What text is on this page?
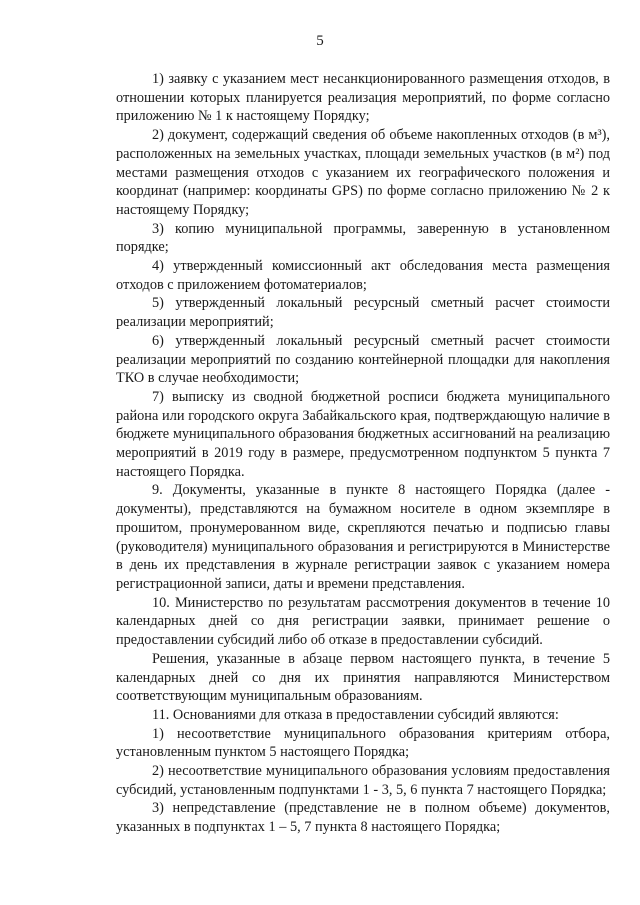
5

1) заявку с указанием мест несанкционированного размещения отходов, в отношении которых планируется реализация мероприятий, по форме согласно приложению № 1 к настоящему Порядку;

2) документ, содержащий сведения об объеме накопленных отходов (в м³), расположенных на земельных участках, площади земельных участков (в м²) под местами размещения отходов с указанием их географического положения и координат (например: координаты GPS) по форме согласно приложению № 2 к настоящему Порядку;

3) копию муниципальной программы, заверенную в установленном порядке;

4) утвержденный комиссионный акт обследования места размещения отходов с приложением фотоматериалов;

5) утвержденный локальный ресурсный сметный расчет стоимости реализации мероприятий;

6) утвержденный локальный ресурсный сметный расчет стоимости реализации мероприятий по созданию контейнерной площадки для накопления ТКО в случае необходимости;

7) выписку из сводной бюджетной росписи бюджета муниципального района или городского округа Забайкальского края, подтверждающую наличие в бюджете муниципального образования бюджетных ассигнований на реализацию мероприятий в 2019 году в размере, предусмотренном подпунктом 5 пункта 7 настоящего Порядка.

9. Документы, указанные в пункте 8 настоящего Порядка (далее - документы), представляются на бумажном носителе в одном экземпляре в прошитом, пронумерованном виде, скрепляются печатью и подписью главы (руководителя) муниципального образования и регистрируются в Министерстве в день их представления в журнале регистрации заявок с указанием номера регистрационной записи, даты и времени представления.

10. Министерство по результатам рассмотрения документов в течение 10 календарных дней со дня регистрации заявки, принимает решение о предоставлении субсидий либо об отказе в предоставлении субсидий.

Решения, указанные в абзаце первом настоящего пункта, в течение 5 календарных дней со дня их принятия направляются Министерством соответствующим муниципальным образованиям.

11. Основаниями для отказа в предоставлении субсидий являются:

1) несоответствие муниципального образования критериям отбора, установленным пунктом 5 настоящего Порядка;

2) несоответствие муниципального образования условиям предоставления субсидий, установленным подпунктами 1 - 3, 5, 6 пункта 7 настоящего Порядка;

3) непредставление (представление не в полном объеме) документов, указанных в подпунктах 1 – 5, 7 пункта 8 настоящего Порядка;
